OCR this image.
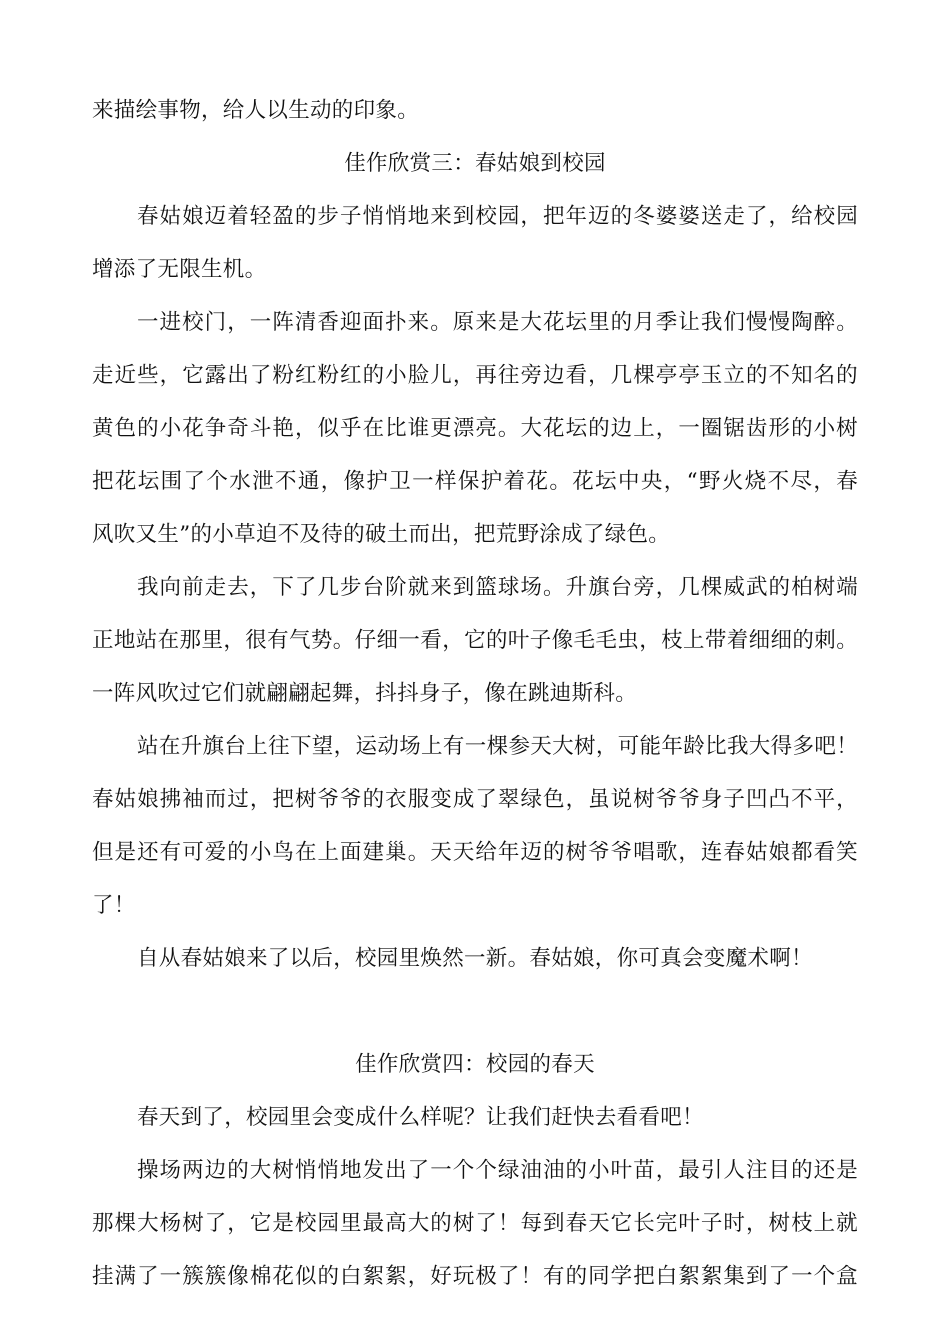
来描绘事物，给人以生动的印象。
佳作欣赏三：春姑娘到校园
春姑娘迈着轻盈的步子悄悄地来到校园，把年迈的冬婆婆送走了，给校园
增添了无限生机。
一进校门，一阵清香迎面扑来。原来是大花坛里的月季让我们慢慢陶醉。
走近些，它露出了粉红粉红的小脸儿，再往旁边看，几棵亭亭玉立的不知名的
黄色的小花争奇斗艳，似乎在比谁更漂亮。大花坛的边上，一圈锯齿形的小树
把花坛围了个水泄不通，像护卫一样保护着花。花坛中央，“野火烧不尽，春
风吹又生”的小草迫不及待的破土而出，把荒野涂成了绿色。
我向前走去，下了几步台阶就来到篮球场。升旗台旁，几棵威武的柏树端
正地站在那里，很有气势。仔细一看，它的叶子像毛毛虫，枝上带着细细的刺。
一阵风吹过它们就翩翩起舞，抖抖身子，像在跳迪斯科。
站在升旗台上往下望，运动场上有一棵参天大树，可能年龄比我大得多吧！
春姑娘拂袖而过，把树爷爷的衣服变成了翠绿色，虽说树爷爷身子凹凸不平，
但是还有可爱的小鸟在上面建巢。天天给年迈的树爷爷唱歌，连春姑娘都看笑
了！
自从春姑娘来了以后，校园里焕然一新。春姑娘，你可真会变魔术啊！
佳作欣赏四：校园的春天
春天到了，校园里会变成什么样呢？让我们赶快去看看吧！
操场两边的大树悄悄地发出了一个个绿油油的小叶苗，最引人注目的还是
那棵大杨树了，它是校园里最高大的树了！每到春天它长完叶子时，树枝上就
挂满了一簇簇像棉花似的白絮絮，好玩极了！有的同学把白絮絮集到了一个盒
